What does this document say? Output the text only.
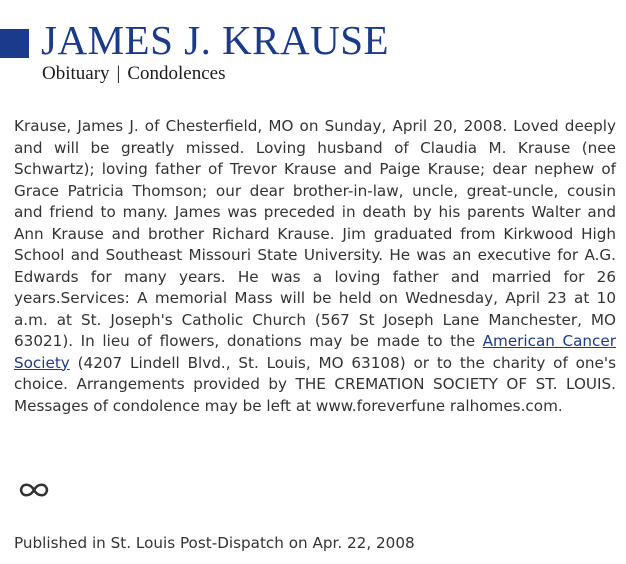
JAMES J. KRAUSE
Obituary | Condolences

Krause, James J. of Chesterfield, MO on Sunday, April 20, 2008. Loved deeply and will be greatly missed. Loving husband of Claudia M. Krause (nee Schwartz); loving father of Trevor Krause and Paige Krause; dear nephew of Grace Patricia Thomson; our dear brother-in-law, uncle, great-uncle, cousin and friend to many. James was preceded in death by his parents Walter and Ann Krause and brother Richard Krause. Jim graduated from Kirkwood High School and Southeast Missouri State University. He was an executive for A.G. Edwards for many years. He was a loving father and married for 26 years.Services: A memorial Mass will be held on Wednesday, April 23 at 10 a.m. at St. Joseph's Catholic Church (567 St Joseph Lane Manchester, MO 63021). In lieu of flowers, donations may be made to the American Cancer Society (4207 Lindell Blvd., St. Louis, MO 63108) or to the charity of one's choice. Arrangements provided by THE CREMATION SOCIETY OF ST. LOUIS. Messages of condolence may be left at www.foreverfune ralhomes.com.

Published in St. Louis Post-Dispatch on Apr. 22, 2008
